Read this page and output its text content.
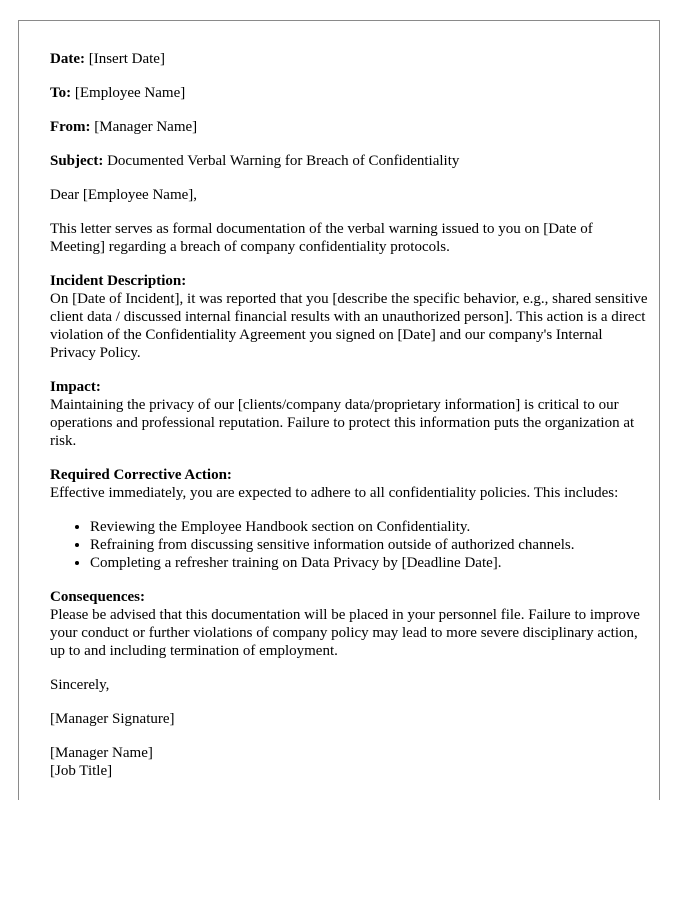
Date: [Insert Date]

To: [Employee Name]

From: [Manager Name]

Subject: Documented Verbal Warning for Breach of Confidentiality

Dear [Employee Name],

This letter serves as formal documentation of the verbal warning issued to you on [Date of Meeting] regarding a breach of company confidentiality protocols.

Incident Description:
On [Date of Incident], it was reported that you [describe the specific behavior, e.g., shared sensitive client data / discussed internal financial results with an unauthorized person]. This action is a direct violation of the Confidentiality Agreement you signed on [Date] and our company's Internal Privacy Policy.

Impact:
Maintaining the privacy of our [clients/company data/proprietary information] is critical to our operations and professional reputation. Failure to protect this information puts the organization at risk.

Required Corrective Action:
Effective immediately, you are expected to adhere to all confidentiality policies. This includes:

• Reviewing the Employee Handbook section on Confidentiality.
• Refraining from discussing sensitive information outside of authorized channels.
• Completing a refresher training on Data Privacy by [Deadline Date].

Consequences:
Please be advised that this documentation will be placed in your personnel file. Failure to improve your conduct or further violations of company policy may lead to more severe disciplinary action, up to and including termination of employment.

Sincerely,

[Manager Signature]

[Manager Name]
[Job Title]
